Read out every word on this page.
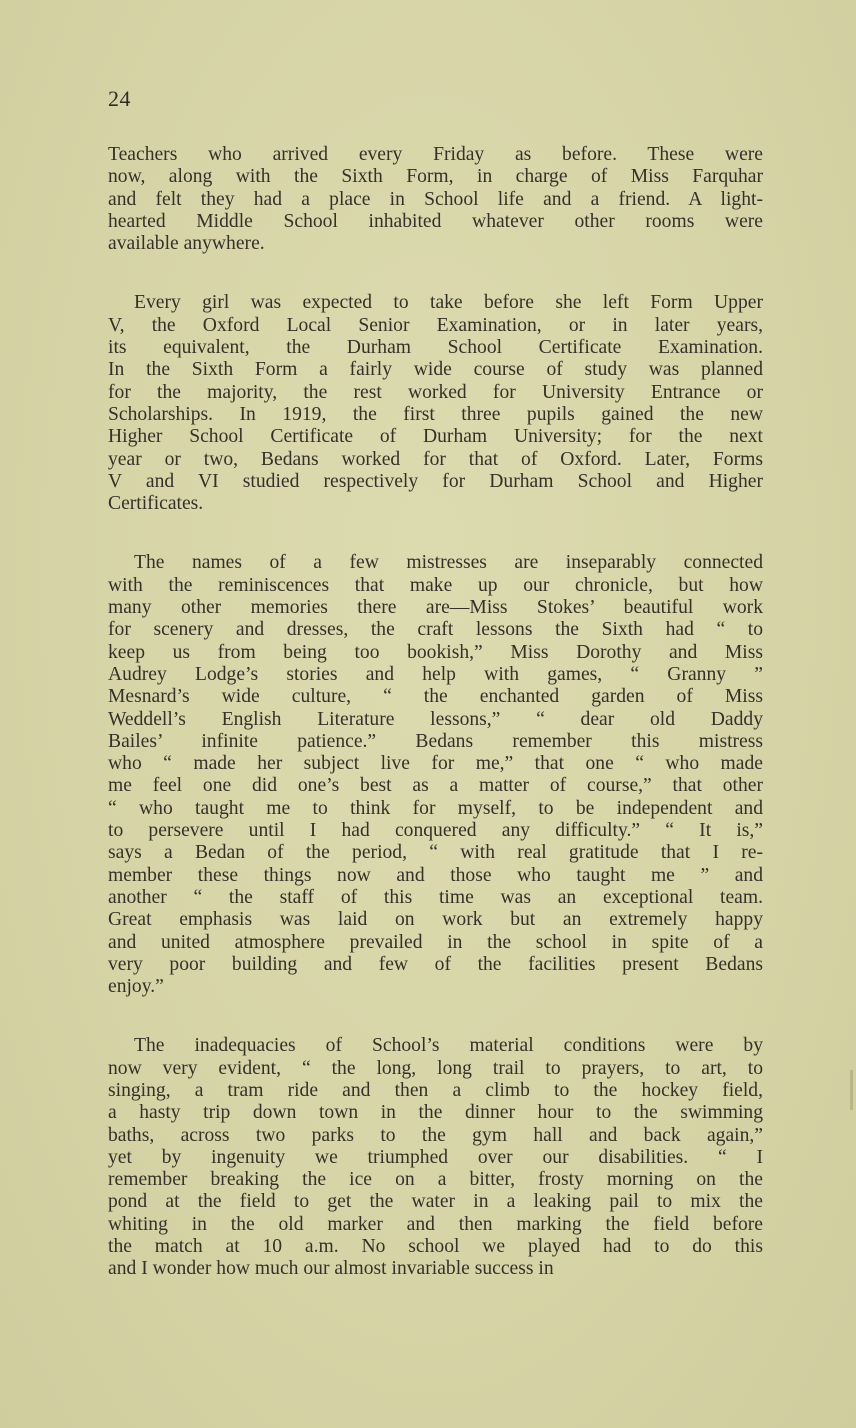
24
Teachers who arrived every Friday as before. These were
now, along with the Sixth Form, in charge of Miss Farquhar
and felt they had a place in School life and a friend. A light-
hearted Middle School inhabited whatever other rooms were
available anywhere.
Every girl was expected to take before she left Form Upper
V, the Oxford Local Senior Examination, or in later years,
its equivalent, the Durham School Certificate Examination.
In the Sixth Form a fairly wide course of study was planned
for the majority, the rest worked for University Entrance or
Scholarships. In 1919, the first three pupils gained the new
Higher School Certificate of Durham University; for the next
year or two, Bedans worked for that of Oxford. Later, Forms
V and VI studied respectively for Durham School and Higher
Certificates.
The names of a few mistresses are inseparably connected
with the reminiscences that make up our chronicle, but how
many other memories there are—Miss Stokes’ beautiful work
for scenery and dresses, the craft lessons the Sixth had “ to
keep us from being too bookish,” Miss Dorothy and Miss
Audrey Lodge’s stories and help with games, “ Granny ”
Mesnard’s wide culture, “ the enchanted garden of Miss
Weddell’s English Literature lessons,” “ dear old Daddy
Bailes’ infinite patience.” Bedans remember this mistress
who “ made her subject live for me,” that one “ who made
me feel one did one’s best as a matter of course,” that other
“ who taught me to think for myself, to be independent and
to persevere until I had conquered any difficulty.” “ It is,”
says a Bedan of the period, “ with real gratitude that I re-
member these things now and those who taught me ” and
another “ the staff of this time was an exceptional team.
Great emphasis was laid on work but an extremely happy
and united atmosphere prevailed in the school in spite of a
very poor building and few of the facilities present Bedans
enjoy.”
The inadequacies of School’s material conditions were by
now very evident, “ the long, long trail to prayers, to art, to
singing, a tram ride and then a climb to the hockey field,
a hasty trip down town in the dinner hour to the swimming
baths, across two parks to the gym hall and back again,”
yet by ingenuity we triumphed over our disabilities. “ I
remember breaking the ice on a bitter, frosty morning on the
pond at the field to get the water in a leaking pail to mix the
whiting in the old marker and then marking the field before
the match at 10 a.m. No school we played had to do this
and I wonder how much our almost invariable success in
